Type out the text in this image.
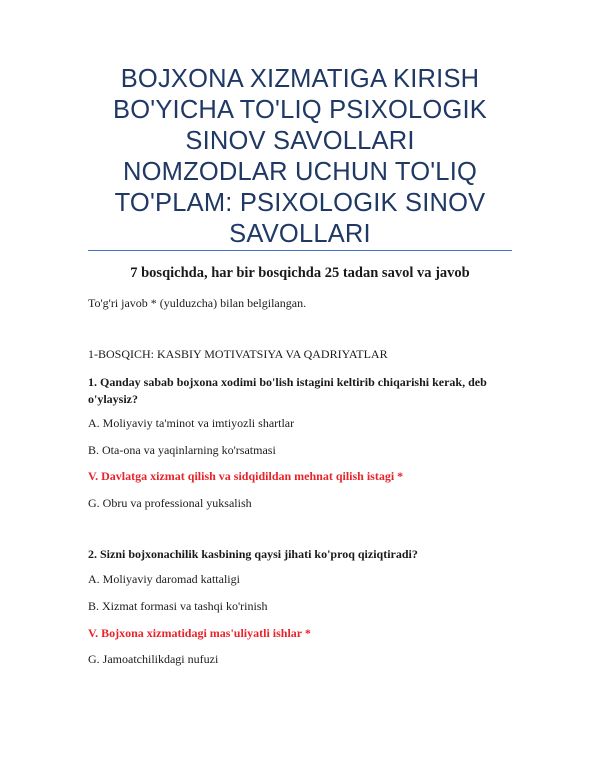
BOJXONA XIZMATIGA KIRISH
BO'YICHA TO'LIQ PSIXOLOGIK
SINOV SAVOLLARI
NOMZODLAR UCHUN TO'LIQ
TO'PLAM: PSIXOLOGIK SINOV
SAVOLLARI
7 bosqichda, har bir bosqichda 25 tadan savol va javob
To'g'ri javob * (yulduzcha) bilan belgilangan.
1-BOSQICH: KASBIY MOTIVATSIYA VA QADRIYATLAR
1. Qanday sabab bojxona xodimi bo'lish istagini keltirib chiqarishi kerak, deb o'ylaysiz?
A. Moliyaviy ta'minot va imtiyozli shartlar
B. Ota-ona va yaqinlarning ko'rsatmasi
V. Davlatga xizmat qilish va sidqidildan mehnat qilish istagi *
G. Obru va professional yuksalish
2. Sizni bojxonachilik kasbining qaysi jihati ko'proq qiziqtiradi?
A. Moliyaviy daromad kattaligi
B. Xizmat formasi va tashqi ko'rinish
V. Bojxona xizmatidagi mas'uliyatli ishlar *
G. Jamoatchilikdagi nufuzi
